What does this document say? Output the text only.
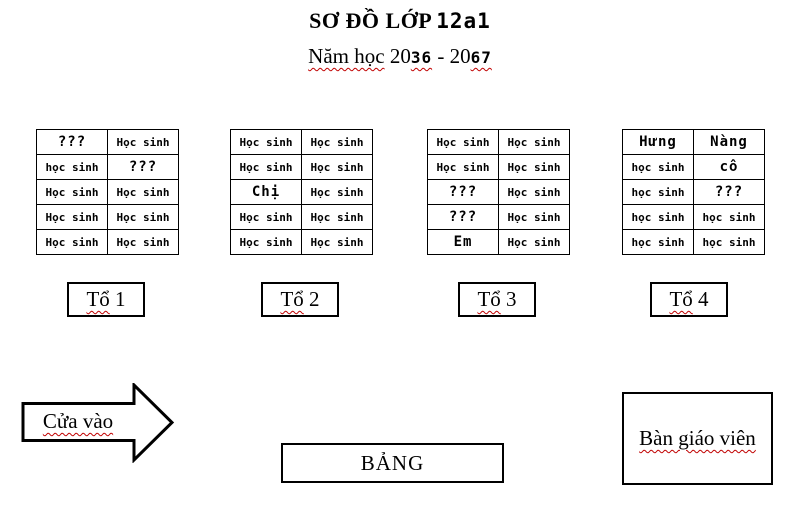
SƠ ĐỒ LỚP 12a1
Năm học 2036 - 2067
???	Học sinh
học sinh	???
Học sinh	Học sinh
Học sinh	Học sinh
Học sinh	Học sinh
Học sinh	Học sinh
Học sinh	Học sinh
Chị	Học sinh
Học sinh	Học sinh
Học sinh	Học sinh
Học sinh	Học sinh
Học sinh	Học sinh
???	Học sinh
???	Học sinh
Em	Học sinh
Hưng	Nàng
học sinh	cô
học sinh	???
học sinh	học sinh
học sinh	học sinh
Tổ 1	Tổ 2	Tổ 3	Tổ 4
Cửa vào
BẢNG
Bàn giáo viên
